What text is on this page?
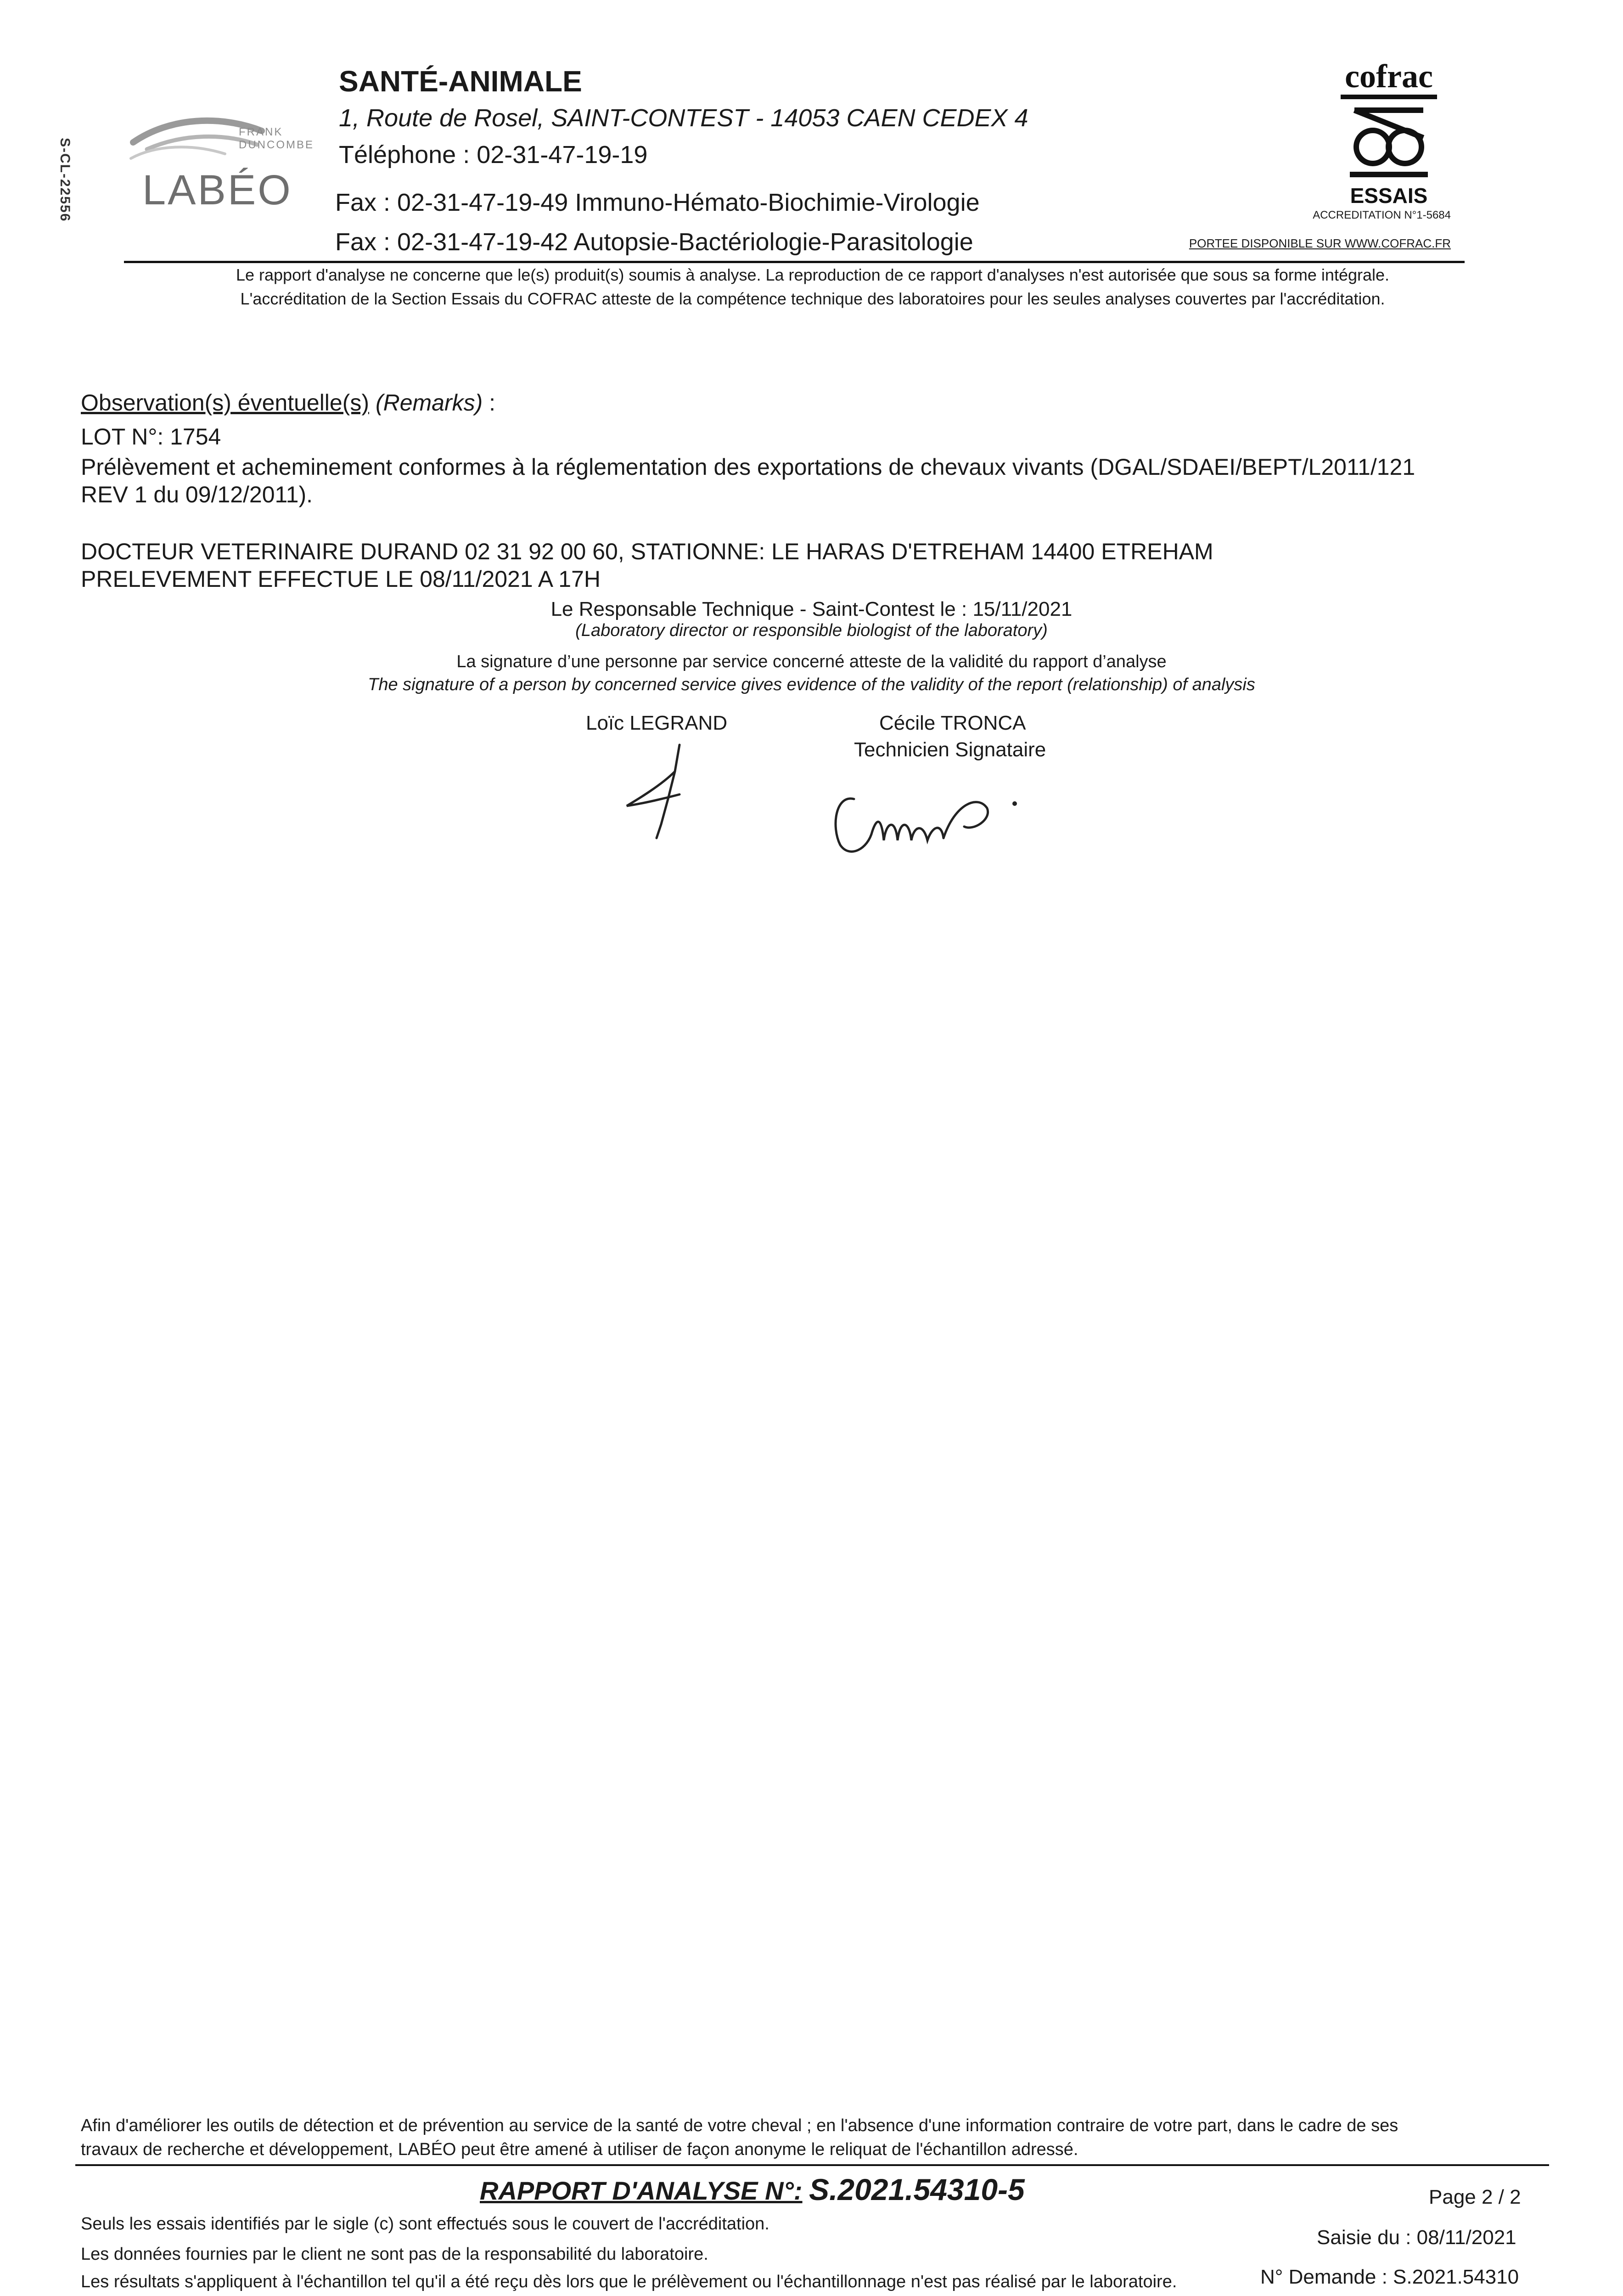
S-CL-22556
FRANK
DUNCOMBE
LABÉO
SANTÉ-ANIMALE
1, Route de Rosel, SAINT-CONTEST - 14053 CAEN CEDEX 4
Téléphone : 02-31-47-19-19
Fax : 02-31-47-19-49 Immuno-Hémato-Biochimie-Virologie
Fax : 02-31-47-19-42 Autopsie-Bactériologie-Parasitologie
cofrac
ESSAIS
ACCREDITATION N°1-5684
PORTEE DISPONIBLE SUR WWW.COFRAC.FR
Le rapport d'analyse ne concerne que le(s) produit(s) soumis à analyse. La reproduction de ce rapport d'analyses n'est autorisée que sous sa forme intégrale.
L'accréditation de la Section Essais du COFRAC atteste de la compétence technique des laboratoires pour les seules analyses couvertes par l'accréditation.
Observation(s) éventuelle(s) (Remarks) :
LOT N°: 1754
Prélèvement et acheminement conformes à la réglementation des exportations de chevaux vivants (DGAL/SDAEI/BEPT/L2011/121
REV 1 du 09/12/2011).
DOCTEUR VETERINAIRE DURAND 02 31 92 00 60, STATIONNE: LE HARAS D'ETREHAM 14400 ETREHAM
PRELEVEMENT EFFECTUE LE 08/11/2021 A 17H
Le Responsable Technique - Saint-Contest le : 15/11/2021
(Laboratory director or responsible biologist of the laboratory)
La signature d’une personne par service concerné atteste de la validité du rapport d’analyse
The signature of a person by concerned service gives evidence of the validity of the report (relationship) of analysis
Loïc LEGRAND	Cécile TRONCA
Technicien Signataire
Afin d'améliorer les outils de détection et de prévention au service de la santé de votre cheval ; en l'absence d'une information contraire de votre part, dans le cadre de ses
travaux de recherche et développement, LABÉO peut être amené à utiliser de façon anonyme le reliquat de l'échantillon adressé.
RAPPORT D'ANALYSE N°: S.2021.54310-5	Page 2 / 2
Seuls les essais identifiés par le sigle (c) sont effectués sous le couvert de l'accréditation.
Saisie du : 08/11/2021
Les données fournies par le client ne sont pas de la responsabilité du laboratoire.
Les résultats s'appliquent à l'échantillon tel qu'il a été reçu dès lors que le prélèvement ou l'échantillonnage n'est pas réalisé par le laboratoire.	N° Demande : S.2021.54310
